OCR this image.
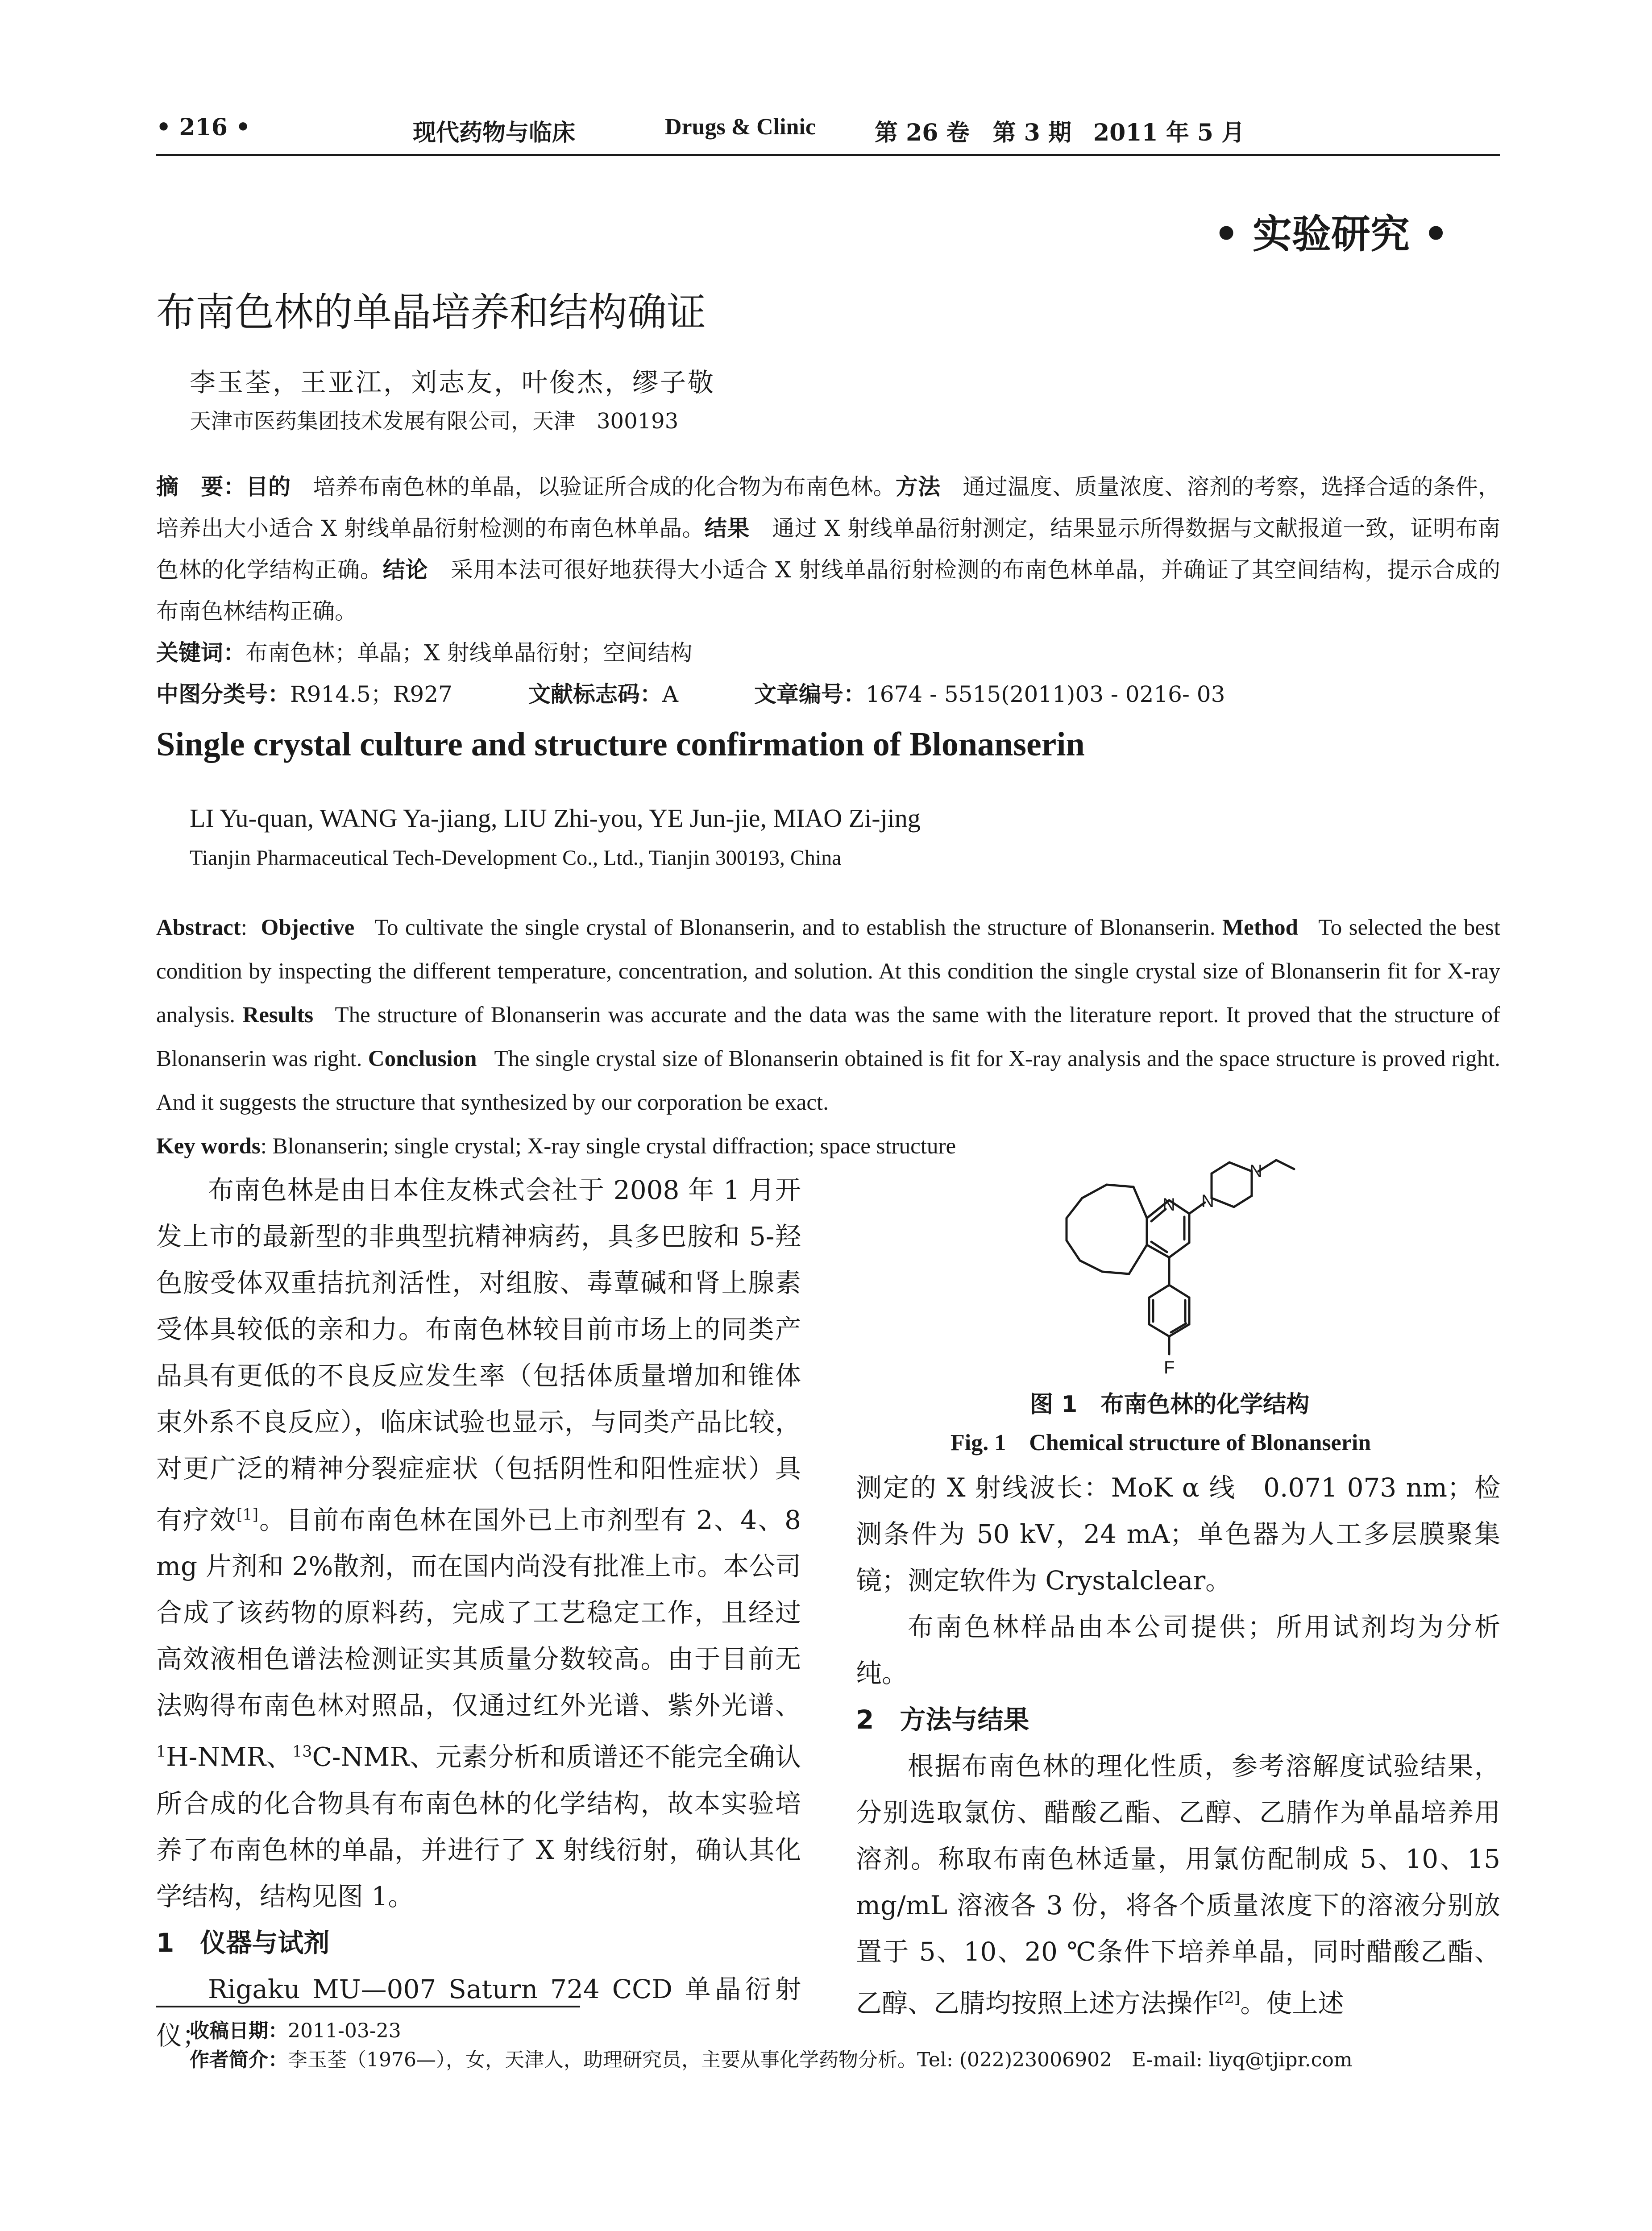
• 216 •	现代药物与临床	Drugs & Clinic	第 26 卷　第 3 期 2011 年 5 月
• 实验研究 •
布南色林的单晶培养和结构确证
李玉荃，王亚江，刘志友，叶俊杰，缪子敬
天津市医药集团技术发展有限公司，天津　300193
摘　要：目的　 培养布南色林的单晶，以验证所合成的化合物为布南色林。方法　 通过温度、质量浓度、溶剂的考察，选择合适的条件，培养出大小适合 X 射线单晶衍射检测的布南色林单晶。结果　 通过 X 射线单晶衍射测定，结果显示所得数据与文献报道一致，证明布南色林的化学结构正确。结论　 采用本法可很好地获得大小适合 X 射线单晶衍射检测的布南色林单晶，并确证了其空间结构，提示合成的布南色林结构正确。
关键词：布南色林；单晶；X 射线单晶衍射；空间结构
中图分类号：R914.5；R927	文献标志码：A	文章编号：1674 - 5515(2011)03 - 0216- 03
Single crystal culture and structure confirmation of Blonanserin
LI Yu-quan, WANG Ya-jiang, LIU Zhi-you, YE Jun-jie, MIAO Zi-jing
Tianjin Pharmaceutical Tech-Development Co., Ltd., Tianjin 300193, China
Abstract:  Objective To cultivate the single crystal of Blonanserin, and to establish the structure of Blonanserin. Method To selected the best condition by inspecting the different temperature, concentration, and solution. At this condition the single crystal size of Blonanserin fit for X-ray analysis. Results The structure of Blonanserin was accurate and the data was the same with the literature report. It proved that the structure of Blonanserin was right. Conclusion The single crystal size of Blonanserin obtained is fit for X-ray analysis and the space structure is proved right. And it suggests the structure that synthesized by our corporation be exact.
Key words: Blonanserin; single crystal; X-ray single crystal diffraction; space structure

布南色林是由日本住友株式会社于 2008 年 1 月开发上市的最新型的非典型抗精神病药，具多巴胺和 5-羟色胺受体双重拮抗剂活性，对组胺、毒蕈碱和肾上腺素受体具较低的亲和力。布南色林较目前市场上的同类产品具有更低的不良反应发生率（包括体质量增加和锥体束外系不良反应），临床试验也显示，与同类产品比较，对更广泛的精神分裂症症状（包括阴性和阳性症状）具有疗效[1]。目前布南色林在国外已上市剂型有 2、4、8 mg 片剂和 2%散剂，而在国内尚没有批准上市。本公司合成了该药物的原料药，完成了工艺稳定工作，且经过高效液相色谱法检测证实其质量分数较高。由于目前无法购得布南色林对照品，仅通过红外光谱、紫外光谱、$^1$H-NMR、$^{13}$C-NMR、元素分析和质谱还不能完全确认所合成的化合物具有布南色林的化学结构，故本实验培养了布南色林的单晶，并进行了 X 射线衍射，确认其化学结构，结构见图 1。

1　仪器与试剂

Rigaku MU—007 Saturn 724 CCD 单晶衍射仪；

N N
N
F
图 1　布南色林的化学结构
Fig. 1　Chemical structure of Blonanserin

测定的 X 射线波长：MoK α 线　0.071 073 nm；检测条件为 50 kV，24 mA；单色器为人工多层膜聚集镜；测定软件为 Crystalclear。

布南色林样品由本公司提供；所用试剂均为分析纯。

2　方法与结果

根据布南色林的理化性质，参考溶解度试验结果，分别选取氯仿、醋酸乙酯、乙醇、乙腈作为单晶培养用溶剂。称取布南色林适量，用氯仿配制成 5、10、15 mg/mL 溶液各 3 份，将各个质量浓度下的溶液分别放置于 5、10、20 ℃条件下培养单晶，同时醋酸乙酯、乙醇、乙腈均按照上述方法操作[2]。使上述

收稿日期：2011-03-23
作者简介：李玉荃（1976—），女，天津人，助理研究员，主要从事化学药物分析。Tel: (022)23006902　E-mail: liyq@tjipr.com
